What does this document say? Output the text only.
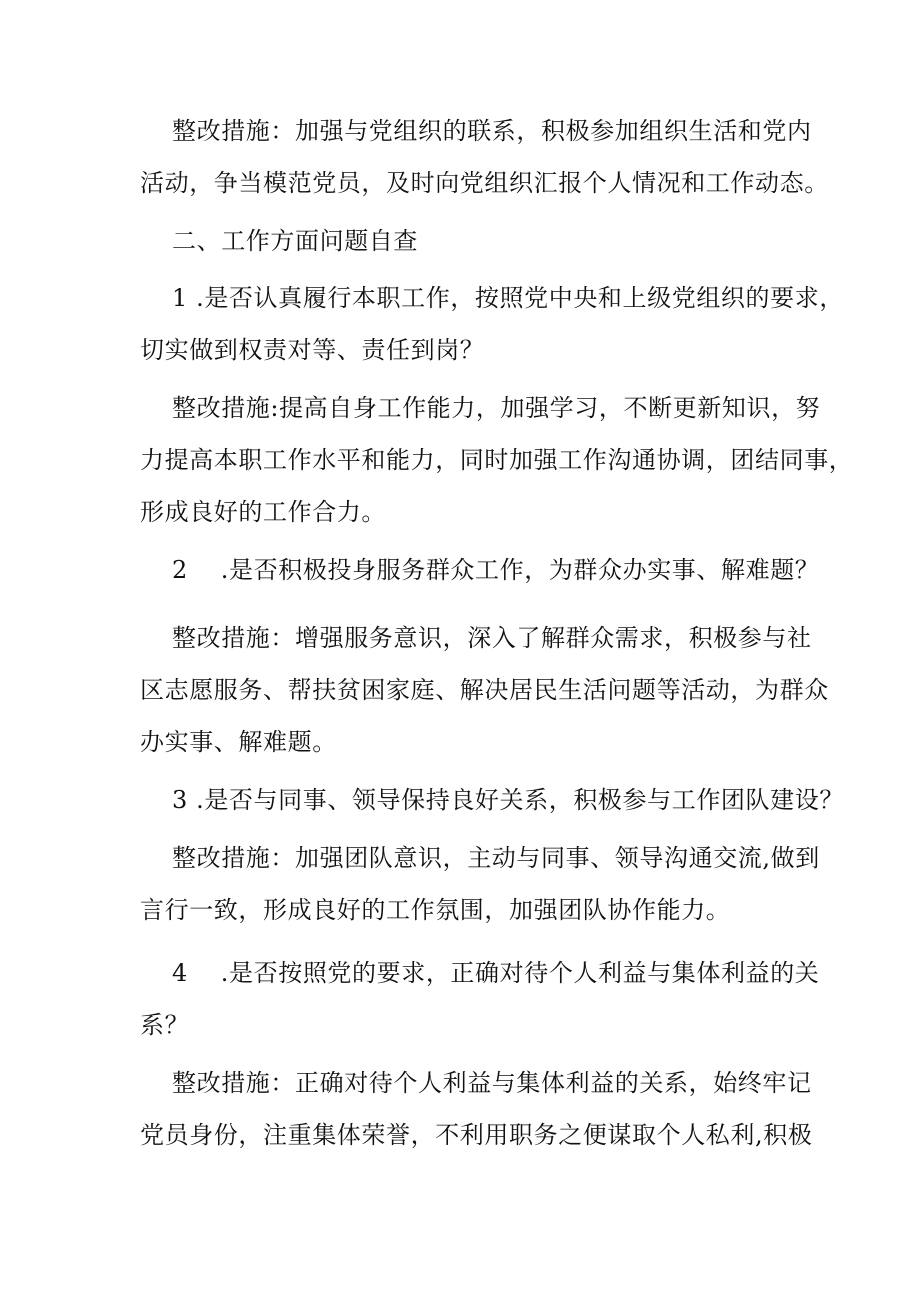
整改措施：加强与党组织的联系，积极参加组织生活和党内
活动，争当模范党员，及时向党组织汇报个人情况和工作动态。
二、工作方面问题自查
1 .是否认真履行本职工作，按照党中央和上级党组织的要求，
切实做到权责对等、责任到岗？
整改措施:提高自身工作能力，加强学习，不断更新知识，努
力提高本职工作水平和能力，同时加强工作沟通协调，团结同事，
形成良好的工作合力。
2    .是否积极投身服务群众工作，为群众办实事、解难题？
整改措施：增强服务意识，深入了解群众需求，积极参与社
区志愿服务、帮扶贫困家庭、解决居民生活问题等活动，为群众
办实事、解难题。
3 .是否与同事、领导保持良好关系，积极参与工作团队建设？
整改措施：加强团队意识，主动与同事、领导沟通交流,做到
言行一致，形成良好的工作氛围，加强团队协作能力。
4    .是否按照党的要求，正确对待个人利益与集体利益的关
系？
整改措施：正确对待个人利益与集体利益的关系，始终牢记
党员身份，注重集体荣誉，不利用职务之便谋取个人私利,积极
